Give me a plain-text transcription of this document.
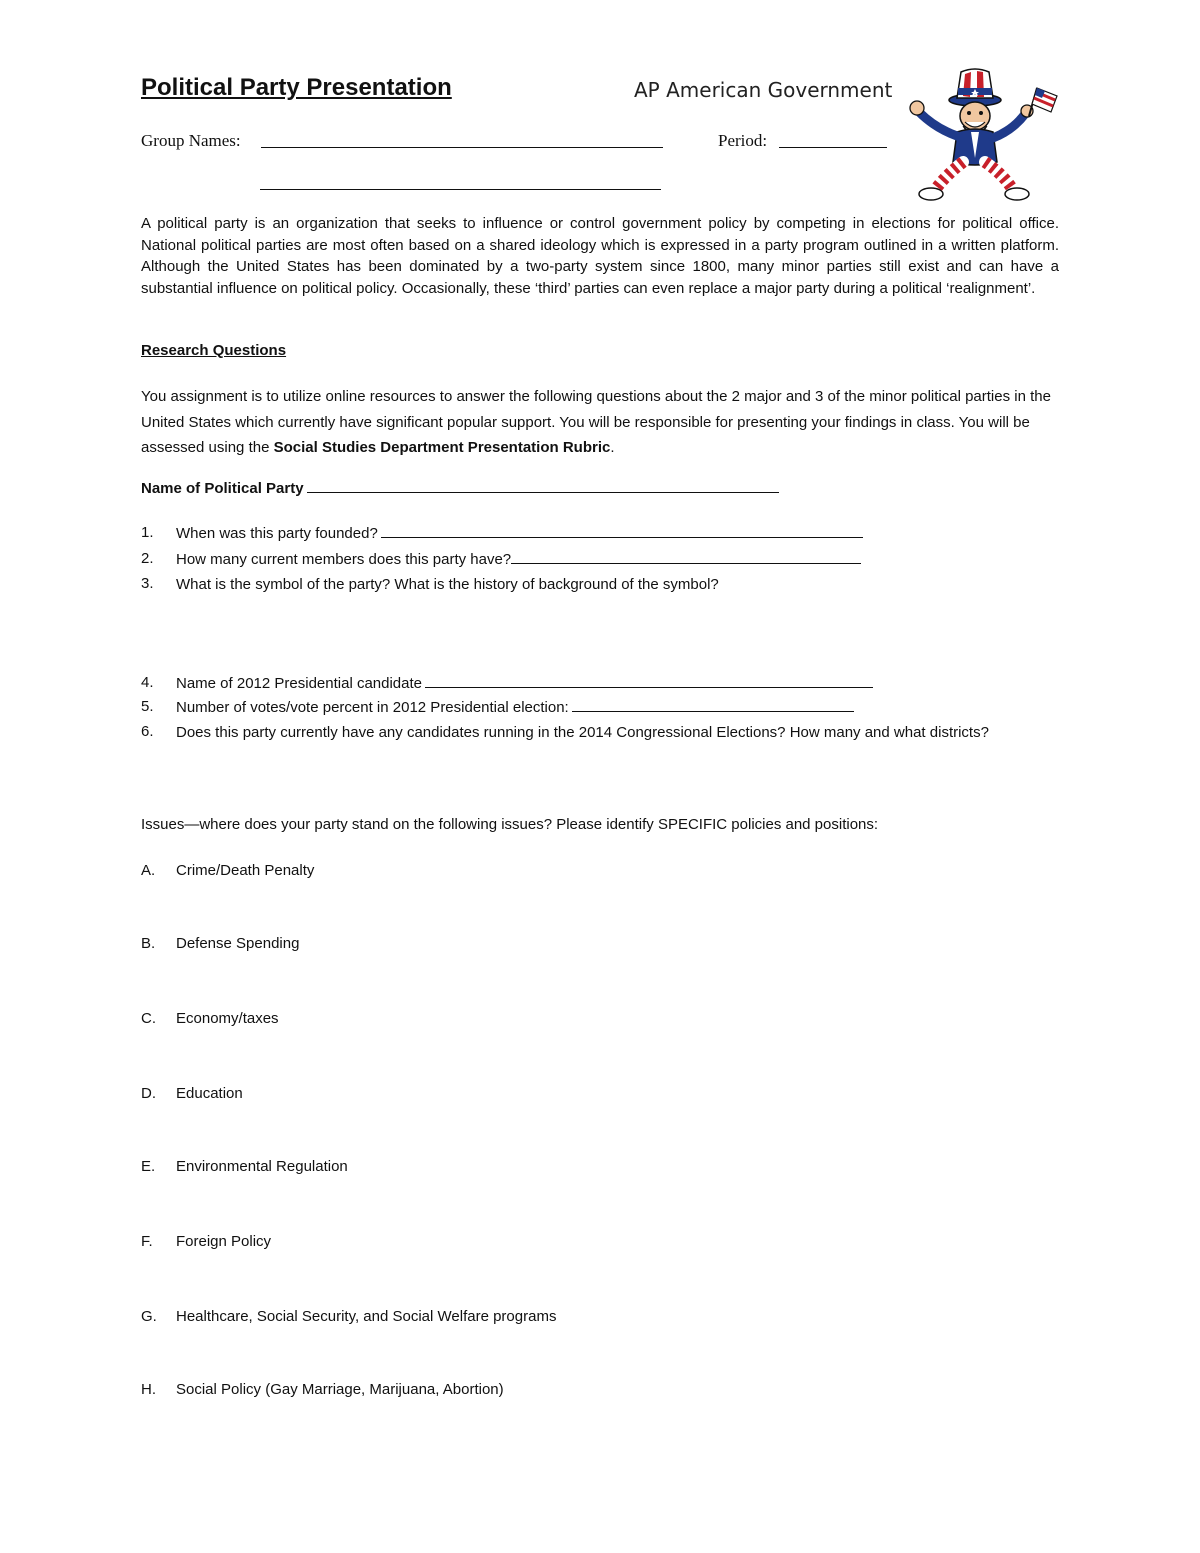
Political Party Presentation	AP American Government
Group Names:	Period:
A political party is an organization that seeks to influence or control government policy by competing in elections for political office. National political parties are most often based on a shared ideology which is expressed in a party program outlined in a written platform. Although the United States has been dominated by a two-party system since 1800, many minor parties still exist and can have a substantial influence on political policy. Occasionally, these ‘third’ parties can even replace a major party during a political ‘realignment’.
Research Questions
You assignment is to utilize online resources to answer the following questions about the 2 major and 3 of the minor political parties in the United States which currently have significant popular support. You will be responsible for presenting your findings in class. You will be assessed using the Social Studies Department Presentation Rubric.
Name of Political Party
1. When was this party founded?
2. How many current members does this party have?
3. What is the symbol of the party? What is the history of background of the symbol?
4. Name of 2012 Presidential candidate
5. Number of votes/vote percent in 2012 Presidential election:
6. Does this party currently have any candidates running in the 2014 Congressional Elections? How many and what districts?
Issues—where does your party stand on the following issues? Please identify SPECIFIC policies and positions:
A. Crime/Death Penalty
B. Defense Spending
C. Economy/taxes
D. Education
E. Environmental Regulation
F. Foreign Policy
G. Healthcare, Social Security, and Social Welfare programs
H. Social Policy (Gay Marriage, Marijuana, Abortion)
